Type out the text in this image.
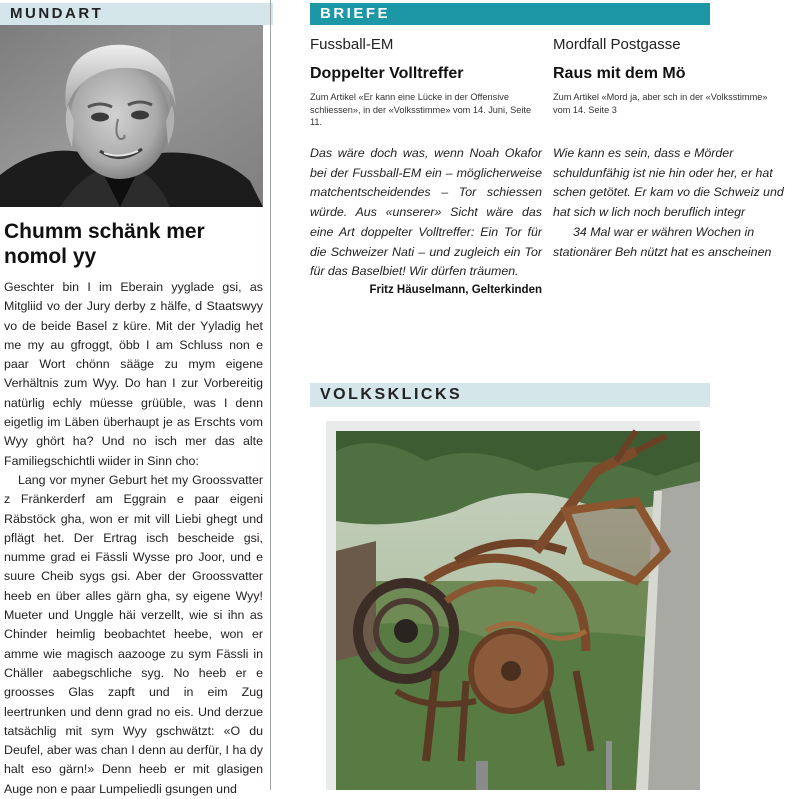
MUNDART
Chumm schänk mer nomol yy

Geschter bin I im Eberain yyglade gsi, as Mitgliid vo der Jury derby z hälfe, d Staatswyy vo de beide Basel z küre. Mit der Yyladig het me my au gfroggt, öbb I am Schluss non e paar Wort chönn sääge zu mym eigene Verhältnis zum Wyy. Do han I zur Vorbereitig natürlig echly müesse grüüble, was I denn eigetlig im Läben überhaupt je as Erschts vom Wyy ghört ha? Und no isch mer das alte Familiegschichtli wiider in Sinn cho:

Lang vor myner Geburt het my Groossvatter z Fränkerderf am Eggrain e paar eigeni Räbstöck gha, won er mit vill Liebi ghegt und pflägt het. Der Ertrag isch bescheide gsi, numme grad ei Fässli Wysse pro Joor, und e suure Cheib sygs gsi. Aber der Groossvatter heeb en über alles gärn gha, sy eigene Wyy! Mueter und Unggle häi verzellt, wie si ihn as Chinder heimlig beobachtet heebe, won er amme wie magisch aazooge zu sym Fässli in Chäller aabegschliche syg. No heeb er e groosses Glas zapft und in eim Zug leertrunken und denn grad no eis. Und derzue tatsächlig mit sym Wyy gschwätzt: «O du Deufel, aber was chan I denn au derfür, I ha dy halt eso gärn!» Denn heeb er mit glasigen Auge non e paar Lumpeliedli gsungen und

BRIEFE
Fussball-EM
Doppelter Volltreffer
Zum Artikel «Er kann eine Lücke in der Offensive schliessen», in der «Volksstimme» vom 14. Juni, Seite 11.

Das wäre doch was, wenn Noah Okafor bei der Fussball-EM ein – möglicherweise matchentscheidendes – Tor schiessen würde. Aus «unserer» Sicht wäre das eine Art doppelter Volltreffer: Ein Tor für die Schweizer Nati – und zugleich ein Tor für das Baselbiet! Wir dürfen träumen.

Fritz Häuselmann, Gelterkinden
Mordfall Postgasse
Raus mit dem Mö
Zum Artikel «Mord ja, aber sch in der «Volksstimme» vom 14. Seite 3

Wie kann es sein, dass e Mörder schuldunfähig ist nie hin oder her, er hat schen getötet. Er kam vo die Schweiz und hat sich w lich noch beruflich integr

34 Mal war er währen Wochen in stationärer Beh nützt hat es anscheinen

VOLKSKLICKS
